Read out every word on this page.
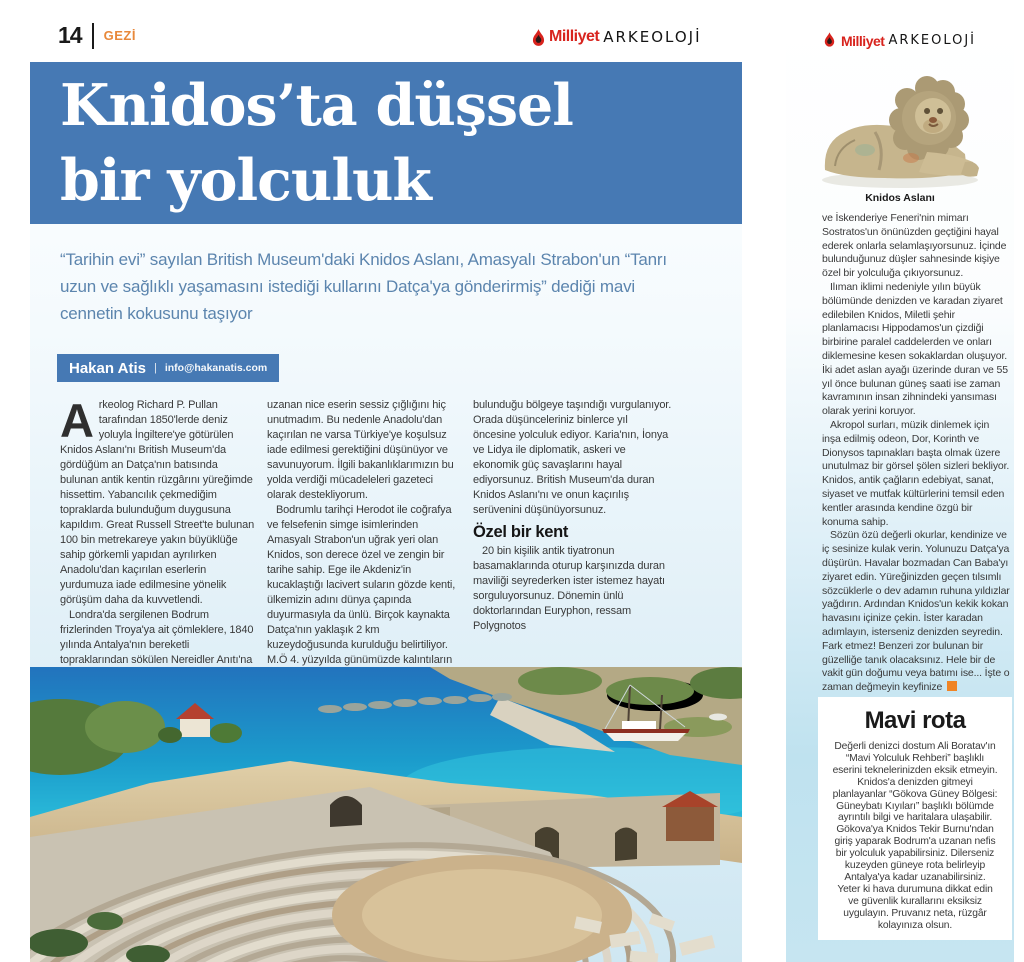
14 GEZİ	Milliyet ARKEOLOJİ
Knidos’ta düşsel
bir yolculuk
“Tarihin evi” sayılan British Museum'daki Knidos Aslanı, Amasyalı Strabon'un “Tanrı uzun ve sağlıklı yaşamasını istediği kullarını Datça'ya gönderirmiş” dediği mavi cennetin kokusunu taşıyor
Hakan Atis | info@hakanatis.com

Arkeolog Richard P. Pullan tarafından 1850'lerde deniz yoluyla İngiltere'ye götürülen Knidos Aslanı'nı British Museum'da gördüğüm an Datça'nın batısında bulunan antik kentin rüzgârını yüreğimde hissettim. Yabancılık çekmediğim topraklarda bulunduğum duygusuna kapıldım. Great Russell Street'te bulunan 100 bin metrekareye yakın büyüklüğe sahip görkemli yapıdan ayrılırken Anadolu'dan kaçırılan eserlerin yurdumuza iade edilmesine yönelik görüşüm daha da kuvvetlendi.

Londra'da sergilenen Bodrum frizlerinden Troya'ya ait çömleklere, 1840 yılında Antalya'nın bereketli topraklarından sökülen Nereidler Anıtı'na

uzanan nice eserin sessiz çığlığını hiç unutmadım. Bu nedenle Anadolu'dan kaçırılan ne varsa Türkiye'ye koşulsuz iade edilmesi gerektiğini düşünüyor ve savunuyorum. İlgili bakanlıklarımızın bu yolda verdiği mücadeleleri gazeteci olarak destekliyorum.

Bodrumlu tarihçi Herodot ile coğrafya ve felsefenin simge isimlerinden Amasyalı Strabon'un uğrak yeri olan Knidos, son derece özel ve zengin bir tarihe sahip. Ege ile Akdeniz'in kucaklaştığı lacivert suların gözde kenti, ülkemizin adını dünya çapında duyurmasıyla da ünlü. Birçok kaynakta Datça'nın yaklaşık 2 km kuzeydoğusunda kurulduğu belirtiliyor. M.Ö 4. yüzyılda günümüzde kalıntıların

bulunduğu bölgeye taşındığı vurgulanıyor. Orada düşünceleriniz binlerce yıl öncesine yolculuk ediyor. Karia'nın, İonya ve Lidya ile diplomatik, askeri ve ekonomik güç savaşlarını hayal ediyorsunuz. British Museum'da duran Knidos Aslanı'nı ve onun kaçırılış serüvenini düşünüyorsunuz.

Özel bir kent

20 bin kişilik antik tiyatronun basamaklarında oturup karşınızda duran maviliği seyrederken ister istemez hayatı sorguluyorsunuz. Dönemin ünlü doktorlarından Euryphon, ressam Polygnotos

Milliyet ARKEOLOJİ
Knidos Aslanı

ve İskenderiye Feneri'nin mimarı Sostratos'un önünüzden geçtiğini hayal ederek onlarla selamlaşıyorsunuz. İçinde bulunduğunuz düşler sahnesinde kişiye özel bir yolculuğa çıkıyorsunuz.

Ilıman iklimi nedeniyle yılın büyük bölümünde denizden ve karadan ziyaret edilebilen Knidos, Miletli şehir planlamacısı Hippodamos'un çizdiği birbirine paralel caddelerden ve onları diklemesine kesen sokaklardan oluşuyor. İki adet aslan ayağı üzerinde duran ve 55 yıl önce bulunan güneş saati ise zaman kavramının insan zihnindeki yansıması olarak yerini koruyor.

Akropol surları, müzik dinlemek için inşa edilmiş odeon, Dor, Korinth ve Dionysos tapınakları başta olmak üzere unutulmaz bir görsel şölen sizleri bekliyor. Knidos, antik çağların edebiyat, sanat, siyaset ve mutfak kültürlerini temsil eden kentler arasında kendine özgü bir konuma sahip.

Sözün özü değerli okurlar, kendinize ve iç sesinize kulak verin. Yolunuzu Datça'ya düşürün. Havalar bozmadan Can Baba'yı ziyaret edin. Yüreğinizden geçen tılsımlı sözcüklerle o dev adamın ruhuna yıldızlar yağdırın. Ardından Knidos'un kekik kokan havasını içinize çekin. İster karadan adımlayın, isterseniz denizden seyredin. Fark etmez! Benzeri zor bulunan bir güzelliğe tanık olacaksınız. Hele bir de vakit gün doğumu veya batımı ise... İşte o zaman değmeyin keyfinize

Mavi rota
Değerli denizci dostum Ali Boratav'ın “Mavi Yolculuk Rehberi” başlıklı eserini teknelerinizden eksik etmeyin. Knidos'a denizden gitmeyi planlayanlar “Gökova Güney Bölgesi: Güneybatı Kıyıları” başlıklı bölümde ayrıntılı bilgi ve haritalara ulaşabilir. Gökova'ya Knidos Tekir Burnu'ndan giriş yaparak Bodrum'a uzanan nefis bir yolculuk yapabilirsiniz. Dilerseniz kuzeyden güneye rota belirleyip Antalya'ya kadar uzanabilirsiniz. Yeter ki hava durumuna dikkat edin ve güvenlik kurallarını eksiksiz uygulayın. Pruvanız neta, rüzgâr kolayınıza olsun.
